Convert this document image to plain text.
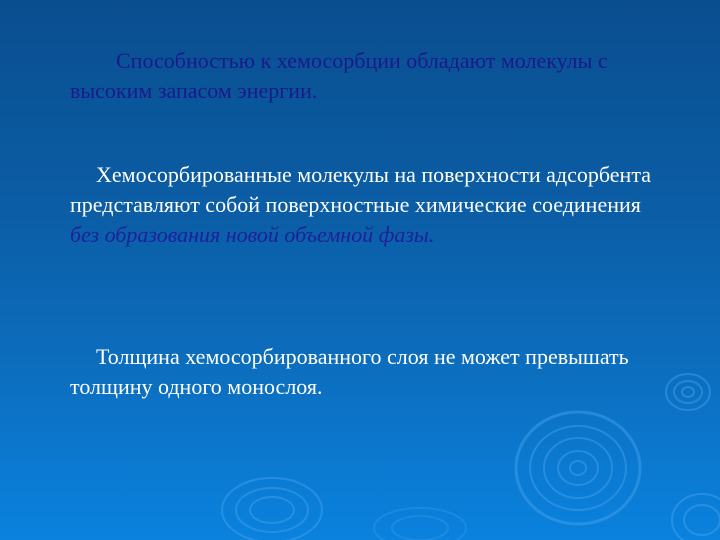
Способностью к хемосорбции обладают молекулы с высоким запасом энергии.

Хемосорбированные молекулы на поверхности адсорбента представляют собой поверхностные химические соединения без образования новой объемной фазы.

Толщина хемосорбированного слоя не может превышать толщину одного монослоя.
